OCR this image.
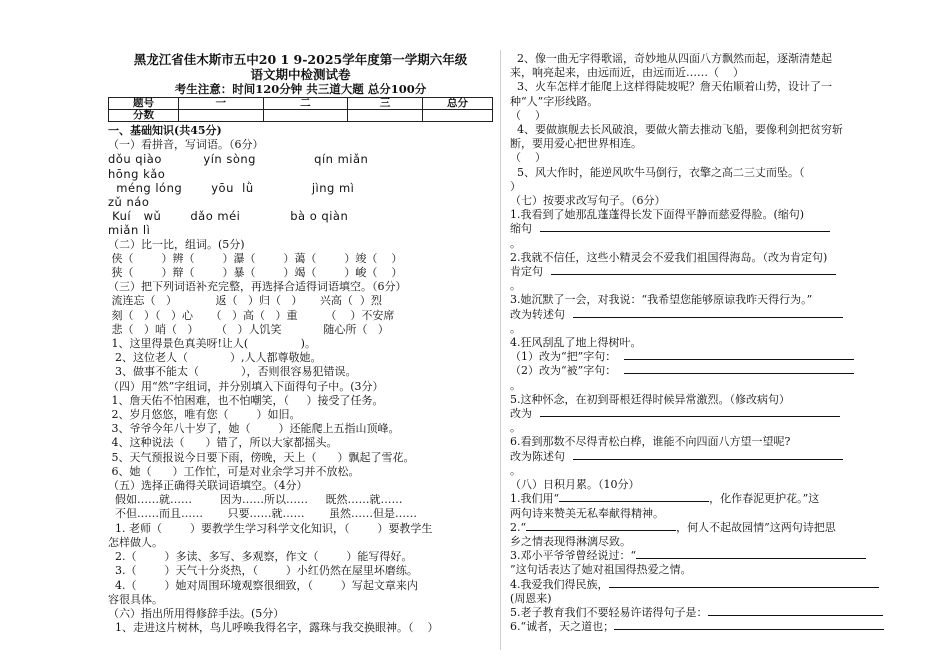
黑龙江省佳木斯市五中20 1 9-2025学年度第一学期六年级
语文期中检测试卷
考生注意：时间120分钟 共三道大题 总分100分
题号	一	二	三	总分
分数				
一、基础知识(共45分)
（一）看拼音，写词语。（6分）
dǒu qiào          yín sòng              qín miǎn
hōng kǎo
méng lóng       yōu  lǜ              jìng mì
zǔ náo
Kuí   wǔ       dǎo méi            bà o qiàn
miǎn lì
（二）比一比，组词。(5分)
侠（        ）辨（        ）瀑（        ）蔼（        ）竣（    ）
狭（        ）辩（        ）暴（        ）竭（        ）峻（    ）
（三）把下列词语补充完整，再选择合适得词语填空。（6分）
流连忘（   ）           返（   ）归（   ）     兴高（  ）烈
刻（   ）（   ）心     （   ）高（   ）重        （    ）不安席
悲（   ）哨（   ）     （   ）人饥笑            随心所（   ）
1、这里得景色真美呀!让人(               )。
2、这位老人（            ）,人人都尊敬她。
3、做事不能太（            ），否则很容易犯错误。
（四）用“然”字组词，并分别填入下面得句子中。(3分）
1、詹天佑不怕困难，也不怕嘲笑，（     ）接受了任务。
2、岁月悠悠，唯有您（        ）如旧。
3、爷爷今年八十岁了，她（        ）还能爬上五指山顶峰。
4、这种说法（      ）错了，所以大家都摇头。
5、天气预报说今日要下雨，傍晚，天上（      ）飘起了雪花。
6、她（      ）工作忙，可是对业余学习并不放松。
（五）选择正确得关联词语填空。（4分）
假如……就……        因为……所以……     既然……就……
不但……而且……       只要……就……       虽然……但是……
1. 老师（        ）要教学生学习科学文化知识，（        ）要教学生
怎样做人。
2.（        ）多读、多写、多观察，作文（        ）能写得好。
3.（        ）天气十分炎热，（        ）小红仍然在屋里坏磨练。
4.（        ）她对周围环境观察很细致，（        ）写起文章来内
容很具体。
（六）指出所用得修辞手法。(5分）
1、走进这片树林，鸟儿呼唤我得名字，露珠与我交换眼神。（    ）
2、像一曲无字得歌谣，奇妙地从四面八方飘然而起，逐渐清楚起
来，响亮起来，由远而近，由远而近……（    ）
3、火车怎样才能爬上这样得陡坡呢？詹天佑顺着山势，设计了一
种“人”字形线路。
（    ）
4、要做旗舰去长风破浪，要做火箭去推动飞船，要像利剑把贫穷斩
断，要用爱心把世界相连。
（    ）
5、风大作时，能逆风吹牛马倒行，衣擎之高二三丈而坠。（
）
（七）按要求改写句子。（6分）
1.我看到了她那乱蓬蓬得长发下面得平静而慈爱得脸。(缩句)
缩句
。
2.我就不信任，这些小精灵会不爱我们祖国得海岛。（改为肯定句)
肯定句
。
3.她沉默了一会，对我说：“我希望您能够原谅我昨天得行为。”
改为转述句
。
4.狂风刮乱了地上得树叶。
（1）改为“把”字句：
（2）改为“被”字句：
。
5.这种怀念，在初到哥根廷得时候异常激烈。（修改病句）
改为
。
6.看到那数不尽得青松白桦，谁能不向四面八方望一望呢?
改为陈述句
。
（八）日积月累。（10分）
1.我们用“	，化作春泥更护花。”这
两句诗来赞美无私奉献得精神。
2.“	，何人不起故园情”这两句诗把思
乡之情表现得淋漓尽致。
3.邓小平爷爷曾经说过：“
”这句话表达了她对祖国得热爱之情。
4.我爱我们得民族，
(周恩来)
5.老子教育我们不要轻易许诺得句子是：
6.“诚者，天之道也；
